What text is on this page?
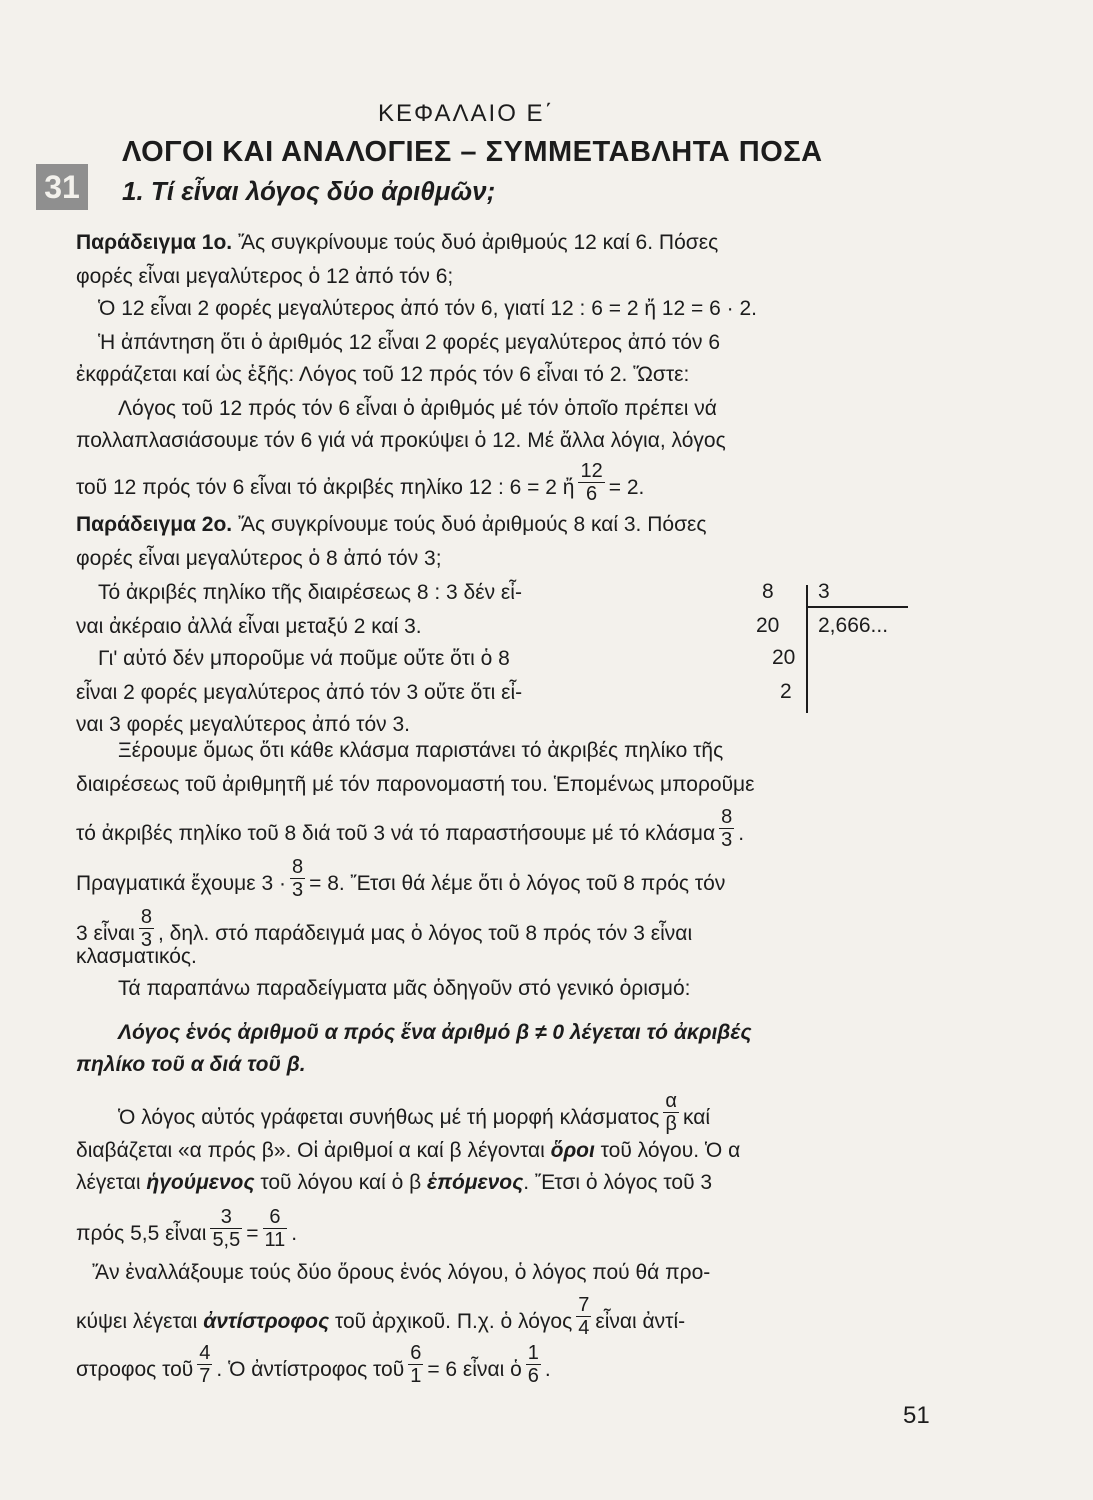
ΚΕΦΑΛΑΙΟ Ε΄
ΛΟΓΟΙ ΚΑΙ ΑΝΑΛΟΓΙΕΣ – ΣΥΜΜΕΤΑΒΛΗΤΑ ΠΟΣΑ
31	1. Τί εἶναι λόγος δύο ἀριθμῶν;
Παράδειγμα 1ο. Ἄς συγκρίνουμε τούς δυό ἀριθμούς 12 καί 6. Πόσες
φορές εἶναι μεγαλύτερος ὁ 12 ἀπό τόν 6;
Ὁ 12 εἶναι 2 φορές μεγαλύτερος ἀπό τόν 6, γιατί 12 : 6 = 2 ἤ 12 = 6 · 2.
Ἡ ἀπάντηση ὅτι ὁ ἀριθμός 12 εἶναι 2 φορές μεγαλύτερος ἀπό τόν 6
ἐκφράζεται καί ὡς ἑξῆς: Λόγος τοῦ 12 πρός τόν 6 εἶναι τό 2. Ὥστε:
Λόγος τοῦ 12 πρός τόν 6 εἶναι ὁ ἀριθμός μέ τόν ὁποῖο πρέπει νά
πολλαπλασιάσουμε τόν 6 γιά νά προκύψει ὁ 12. Μέ ἄλλα λόγια, λόγος
τοῦ 12 πρός τόν 6 εἶναι τό ἀκριβές πηλίκο 12 : 6 = 2 ἤ $\frac{12}{6} = 2$.
Παράδειγμα 2ο. Ἄς συγκρίνουμε τούς δυό ἀριθμούς 8 καί 3. Πόσες
φορές εἶναι μεγαλύτερος ὁ 8 ἀπό τόν 3;
Τό ἀκριβές πηλίκο τῆς διαιρέσεως 8 : 3 δέν εἶ-
ναι ἀκέραιο ἀλλά εἶναι μεταξύ 2 καί 3.
Γι' αὐτό δέν μποροῦμε νά ποῦμε οὔτε ὅτι ὁ 8
εἶναι 2 φορές μεγαλύτερος ἀπό τόν 3 οὔτε ὅτι εἶ-
ναι 3 φορές μεγαλύτερος ἀπό τόν 3.
8
20
20
2
3
2,666...
Ξέρουμε ὅμως ὅτι κάθε κλάσμα παριστάνει τό ἀκριβές πηλίκο τῆς
διαιρέσεως τοῦ ἀριθμητῆ μέ τόν παρονομαστή του. Ἑπομένως μποροῦμε
τό ἀκριβές πηλίκο τοῦ 8 διά τοῦ 3 νά τό παραστήσουμε μέ τό κλάσμα $\frac{8}{3}$ .
Πραγματικά ἔχουμε $3 \cdot \frac{8}{3} = 8$. Ἔτσι θά λέμε ὅτι ὁ λόγος τοῦ 8 πρός τόν
3 εἶναι $\frac{8}{3}$ , δηλ. στό παράδειγμά μας ὁ λόγος τοῦ 8 πρός τόν 3 εἶναι
κλασματικός.
Τά παραπάνω παραδείγματα μᾶς ὁδηγοῦν στό γενικό ὁρισμό:
Λόγος ἑνός ἀριθμοῦ α πρός ἕνα ἀριθμό β ≠ 0 λέγεται τό ἀκριβές
πηλίκο τοῦ α διά τοῦ β.
Ὁ λόγος αὐτός γράφεται συνήθως μέ τή μορφή κλάσματος $\frac{\alpha}{\beta}$ καί
διαβάζεται «α πρός β». Οἱ ἀριθμοί α καί β λέγονται ὅροι τοῦ λόγου. Ὁ α
λέγεται ἡγούμενος τοῦ λόγου καί ὁ β ἑπόμενος. Ἔτσι ὁ λόγος τοῦ 3
πρός 5,5 εἶναι $\frac{3}{5,5} = \frac{6}{11}$ .
Ἄν ἐναλλάξουμε τούς δύο ὅρους ἑνός λόγου, ὁ λόγος πού θά προ-
κύψει λέγεται ἀντίστροφος τοῦ ἀρχικοῦ. Π.χ. ὁ λόγος $\frac{7}{4}$ εἶναι ἀντί-
στροφος τοῦ $\frac{4}{7}$ . Ὁ ἀντίστροφος τοῦ $\frac{6}{1} = 6$ εἶναι ὁ $\frac{1}{6}$ .
51
